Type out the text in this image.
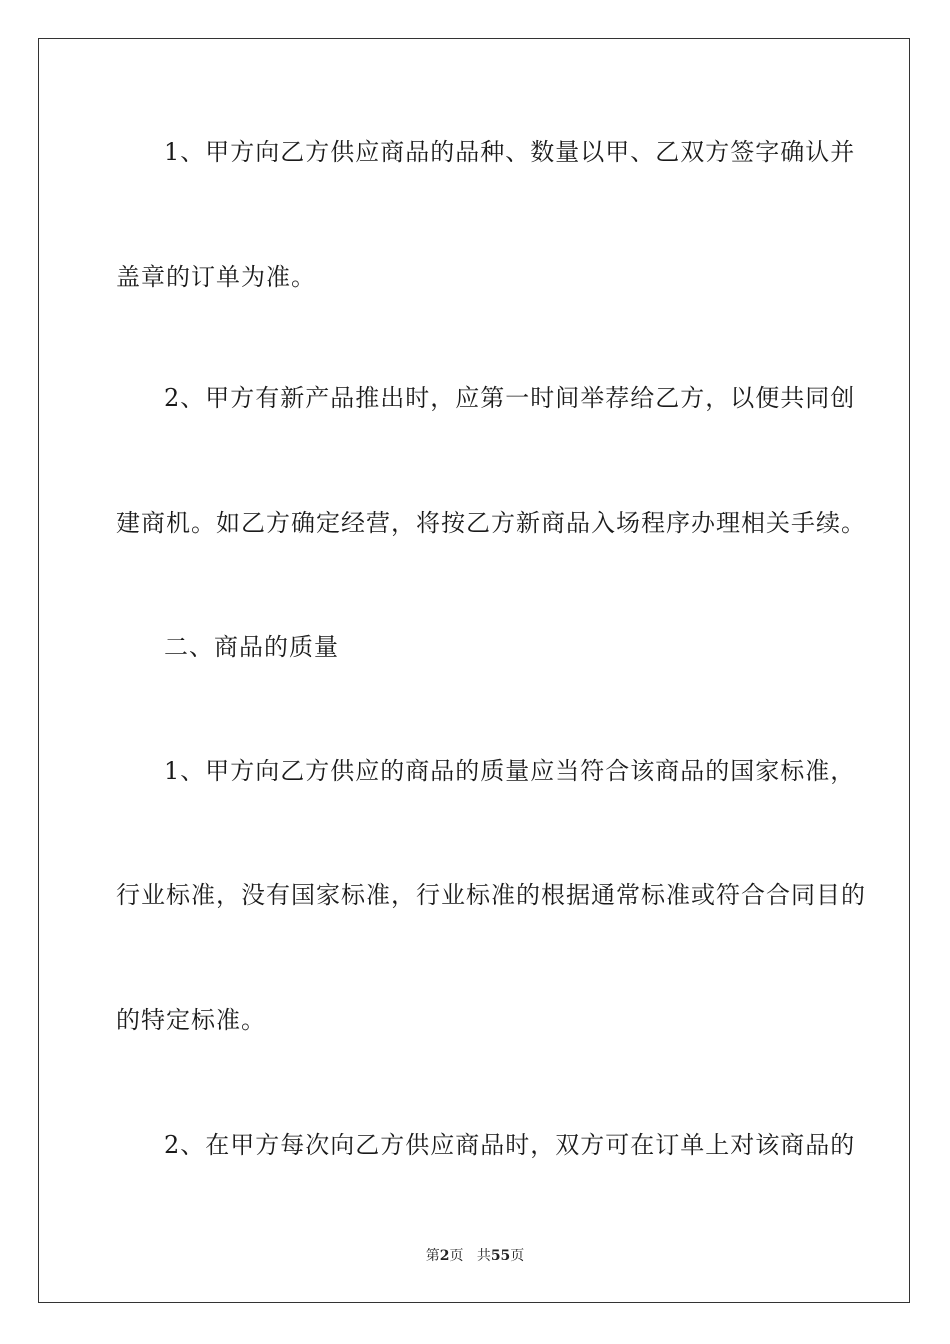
1、甲方向乙方供应商品的品种、数量以甲、乙双方签字确认并
盖章的订单为准。
2、甲方有新产品推出时，应第一时间举荐给乙方，以便共同创
建商机。如乙方确定经营，将按乙方新商品入场程序办理相关手续。
二、商品的质量
1、甲方向乙方供应的商品的质量应当符合该商品的国家标准，
行业标准，没有国家标准，行业标准的根据通常标准或符合合同目的
的特定标准。
2、在甲方每次向乙方供应商品时，双方可在订单上对该商品的
第2页 共55页
